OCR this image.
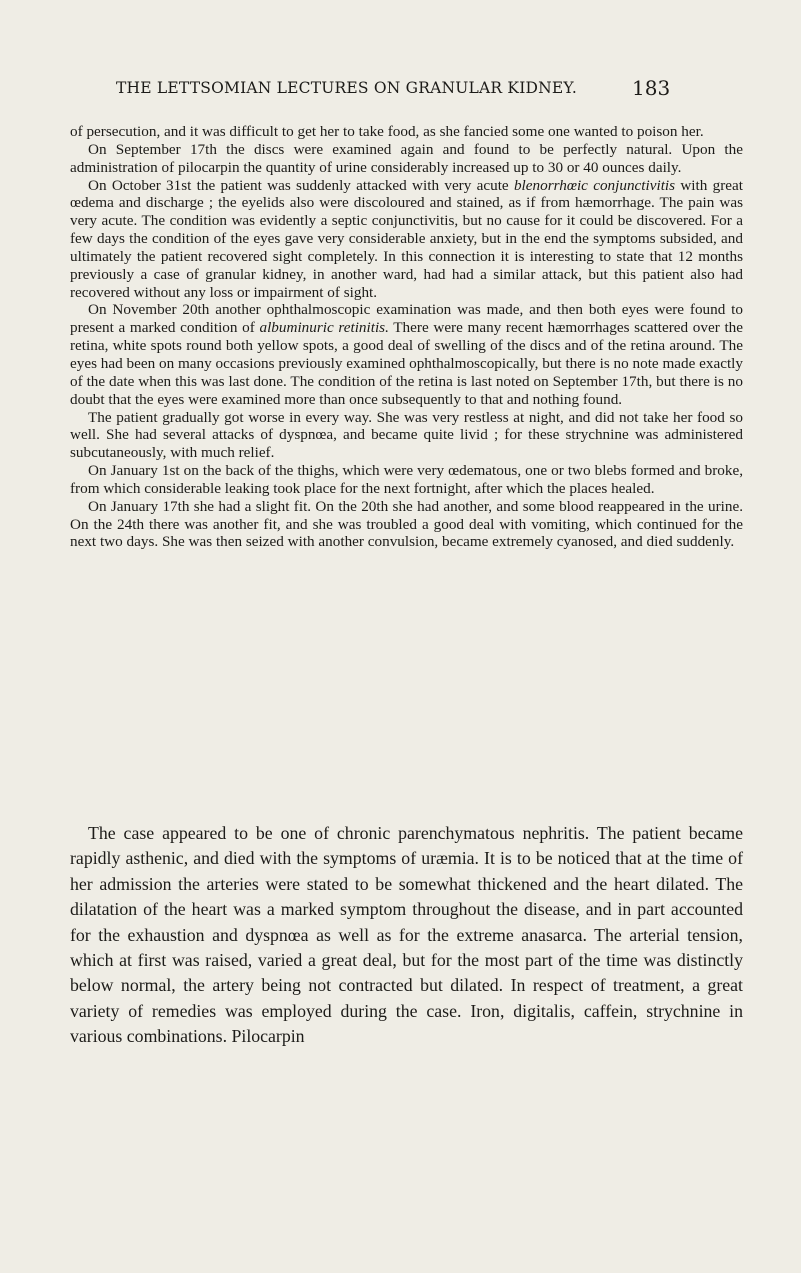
THE LETTSOMIAN LECTURES ON GRANULAR KIDNEY.	183

of persecution, and it was difficult to get her to take food, as she fancied some one wanted to poison her.

On September 17th the discs were examined again and found to be perfectly natural. Upon the administration of pilocarpin the quantity of urine considerably increased up to 30 or 40 ounces daily.

On October 31st the patient was suddenly attacked with very acute blenorrhœic conjunctivitis with great œdema and discharge ; the eyelids also were discoloured and stained, as if from hæmorrhage. The pain was very acute. The condition was evidently a septic conjunctivitis, but no cause for it could be discovered. For a few days the condition of the eyes gave very considerable anxiety, but in the end the symptoms subsided, and ultimately the patient recovered sight completely. In this connection it is interesting to state that 12 months previously a case of granular kidney, in another ward, had had a similar attack, but this patient also had recovered without any loss or impairment of sight.

On November 20th another ophthalmoscopic examination was made, and then both eyes were found to present a marked condition of albuminuric retinitis. There were many recent hæmorrhages scattered over the retina, white spots round both yellow spots, a good deal of swelling of the discs and of the retina around. The eyes had been on many occasions previously examined ophthalmoscopically, but there is no note made exactly of the date when this was last done. The condition of the retina is last noted on September 17th, but there is no doubt that the eyes were examined more than once subsequently to that and nothing found.

The patient gradually got worse in every way. She was very restless at night, and did not take her food so well. She had several attacks of dyspnœa, and became quite livid ; for these strychnine was administered subcutaneously, with much relief.

On January 1st on the back of the thighs, which were very œdematous, one or two blebs formed and broke, from which considerable leaking took place for the next fortnight, after which the places healed.

On January 17th she had a slight fit. On the 20th she had another, and some blood reappeared in the urine. On the 24th there was another fit, and she was troubled a good deal with vomiting, which continued for the next two days. She was then seized with another convulsion, became extremely cyanosed, and died suddenly.

The case appeared to be one of chronic parenchymatous nephritis. The patient became rapidly asthenic, and died with the symptoms of uræmia. It is to be noticed that at the time of her admission the arteries were stated to be somewhat thickened and the heart dilated. The dilatation of the heart was a marked symptom throughout the disease, and in part accounted for the exhaustion and dyspnœa as well as for the extreme anasarca. The arterial tension, which at first was raised, varied a great deal, but for the most part of the time was distinctly below normal, the artery being not contracted but dilated. In respect of treatment, a great variety of remedies was employed during the case. Iron, digitalis, caffein, strychnine in various combinations. Pilocarpin
